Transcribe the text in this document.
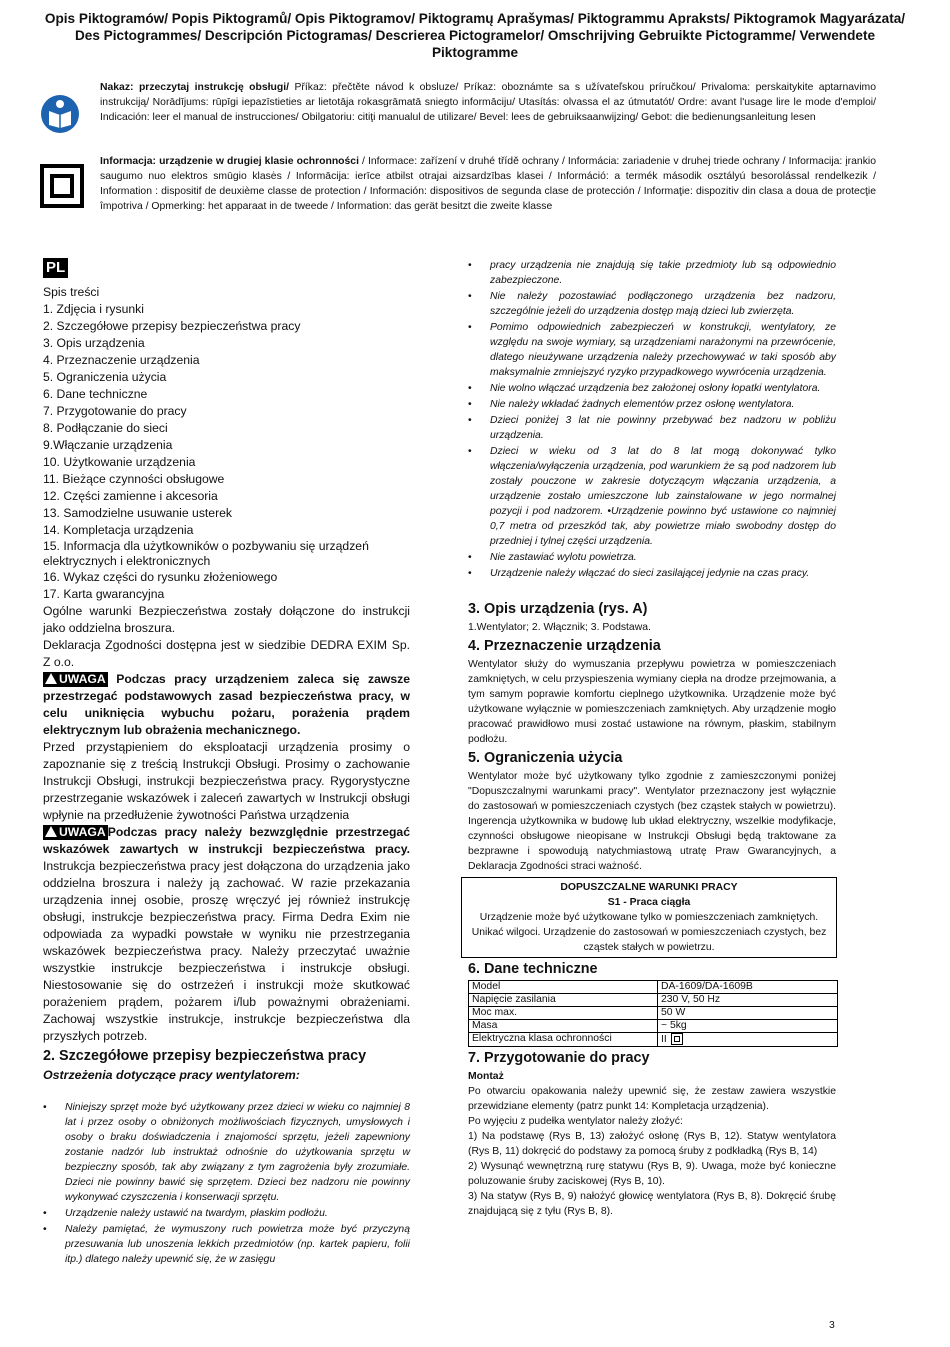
Opis Piktogramów/ Popis Piktogramů/ Opis Piktogramov/ Piktogramų Aprašymas/ Piktogrammu Apraksts/ Piktogramok Magyarázata/ Des Pictogrammes/ Descripción Pictogramas/ Descrierea Pictogramelor/ Omschrijving Gebruikte Pictogramme/ Verwendete Piktogramme
Nakaz: przeczytaj instrukcję obsługi/ Příkaz: přečtěte návod k obsluze/ Príkaz: oboznámte sa s užívateľskou príručkou/ Privaloma: perskaitykite aptarnavimo instrukciją/ Norādījums: rūpīgi iepazīstieties ar lietotāja rokasgrāmatā sniegto informāciju/ Utasítás: olvassa el az útmutatót/ Ordre: avant l'usage lire le mode d'emploi/ Indicación: leer el manual de instrucciones/ Obilgatoriu: citiţi manualul de utilizare/ Bevel: lees de gebruiksaanwijzing/ Gebot: die bedienungsanleitung lesen
Informacja: urządzenie w drugiej klasie ochronności / Informace: zařízení v druhé třídě ochrany / Informácia: zariadenie v druhej triede ochrany / Informacija: įrankio saugumo nuo elektros smūgio klasės / Informācija: ierīce atbilst otrajai aizsardzības klasei / Információ: a termék második osztályú besorolással rendelkezik / Information : dispositif de deuxième classe de protection / Información: dispositivos de segunda clase de protección / Informaţie: dispozitiv din clasa a doua de protecţie împotriva / Opmerking: het apparaat in de tweede / Information: das gerät besitzt die zweite klasse
PL
Spis treści
1. Zdjęcia i rysunki
2. Szczegółowe przepisy bezpieczeństwa pracy
3. Opis urządzenia
4. Przeznaczenie urządzenia
5. Ograniczenia użycia
6. Dane techniczne
7. Przygotowanie do pracy
8. Podłączanie do sieci
9.Włączanie urządzenia
10. Użytkowanie urządzenia
11. Bieżące czynności obsługowe
12. Części zamienne i akcesoria
13. Samodzielne usuwanie usterek
14. Kompletacja urządzenia
15. Informacja dla użytkowników o pozbywaniu się urządzeń elektrycznych i elektronicznych
16. Wykaz części do rysunku złożeniowego
17. Karta gwarancyjna

Ogólne warunki Bezpieczeństwa zostały dołączone do instrukcji jako oddzielna broszura.

Deklaracja Zgodności dostępna jest w siedzibie DEDRA EXIM Sp. Z o.o.

UWAGA Podczas pracy urządzeniem zaleca się zawsze przestrzegać podstawowych zasad bezpieczeństwa pracy, w celu uniknięcia wybuchu pożaru, porażenia prądem elektrycznym lub obrażenia mechanicznego.

Przed przystąpieniem do eksploatacji urządzenia prosimy o zapoznanie się z treścią Instrukcji Obsługi. Prosimy o zachowanie Instrukcji Obsługi, instrukcji bezpieczeństwa pracy. Rygorystyczne przestrzeganie wskazówek i zaleceń zawartych w Instrukcji obsługi wpłynie na przedłużenie żywotności Państwa urządzenia

UWAGA Podczas pracy należy bezwzględnie przestrzegać wskazówek zawartych w instrukcji bezpieczeństwa pracy. Instrukcja bezpieczeństwa pracy jest dołączona do urządzenia jako oddzielna broszura i należy ją zachować. W razie przekazania urządzenia innej osobie, proszę wręczyć jej również instrukcję obsługi, instrukcje bezpieczeństwa pracy. Firma Dedra Exim nie odpowiada za wypadki powstałe w wyniku nie przestrzegania wskazówek bezpieczeństwa pracy. Należy przeczytać uważnie wszystkie instrukcje bezpieczeństwa i instrukcje obsługi. Niestosowanie się do ostrzeżeń i instrukcji może skutkować porażeniem prądem, pożarem i/lub poważnymi obrażeniami. Zachowaj wszystkie instrukcje, instrukcje bezpieczeństwa dla przyszłych potrzeb.

2. Szczegółowe przepisy bezpieczeństwa pracy
Ostrzeżenia dotyczące pracy wentylatorem:
• Niniejszy sprzęt może być użytkowany przez dzieci w wieku co najmniej 8 lat i przez osoby o obniżonych możliwościach fizycznych, umysłowych i osoby o braku doświadczenia i znajomości sprzętu, jeżeli zapewniony zostanie nadzór lub instruktaż odnośnie do użytkowania sprzętu w bezpieczny sposób, tak aby związany z tym zagrożenia były zrozumiałe. Dzieci nie powinny bawić się sprzętem. Dzieci bez nadzoru nie powinny wykonywać czyszczenia i konserwacji sprzętu.
• Urządzenie należy ustawić na twardym, płaskim podłożu.
• Należy pamiętać, że wymuszony ruch powietrza może być przyczyną przesuwania lub unoszenia lekkich przedmiotów (np. kartek papieru, folii itp.) dlatego należy upewnić się, że w zasięgu
• pracy urządzenia nie znajdują się takie przedmioty lub są odpowiednio zabezpieczone.
• Nie należy pozostawiać podłączonego urządzenia bez nadzoru, szczególnie jeżeli do urządzenia dostęp mają dzieci lub zwierzęta.
• Pomimo odpowiednich zabezpieczeń w konstrukcji, wentylatory, ze względu na swoje wymiary, są urządzeniami narażonymi na przewrócenie, dlatego nieużywane urządzenia należy przechowywać w taki sposób aby maksymalnie zmniejszyć ryzyko przypadkowego wywrócenia urządzenia.
• Nie wolno włączać urządzenia bez założonej osłony łopatki wentylatora.
• Nie należy wkładać żadnych elementów przez osłonę wentylatora.
• Dzieci poniżej 3 lat nie powinny przebywać bez nadzoru w pobliżu urządzenia.
• Dzieci w wieku od 3 lat do 8 lat mogą dokonywać tylko włączenia/wyłączenia urządzenia, pod warunkiem że są pod nadzorem lub zostały pouczone w zakresie dotyczącym włączania urządzenia, a urządzenie zostało umieszczone lub zainstalowane w jego normalnej pozycji i pod nadzorem. •Urządzenie powinno być ustawione co najmniej 0,7 metra od przeszkód tak, aby powietrze miało swobodny dostęp do przedniej i tylnej części urządzenia.
• Nie zastawiać wylotu powietrza.
• Urządzenie należy włączać do sieci zasilającej jedynie na czas pracy.
3. Opis urządzenia (rys. A)

1.Wentylator; 2. Włącznik; 3. Podstawa.

4. Przeznaczenie urządzenia

Wentylator służy do wymuszania przepływu powietrza w pomieszczeniach zamkniętych, w celu przyspieszenia wymiany ciepła na drodze przejmowania, a tym samym poprawie komfortu cieplnego użytkownika. Urządzenie może być użytkowane wyłącznie w pomieszczeniach zamkniętych. Aby urządzenie mogło pracować prawidłowo musi zostać ustawione na równym, płaskim, stabilnym podłożu.

5. Ograniczenia użycia

Wentylator może być użytkowany tylko zgodnie z zamieszczonymi poniżej "Dopuszczalnymi warunkami pracy". Wentylator przeznaczony jest wyłącznie do zastosowań w pomieszczeniach czystych (bez cząstek stałych w powietrzu). Ingerencja użytkownika w budowę lub układ elektryczny, wszelkie modyfikacje, czynności obsługowe nieopisane w Instrukcji Obsługi będą traktowane za bezprawne i spowodują natychmiastową utratę Praw Gwarancyjnych, a Deklaracja Zgodności straci ważność.

DOPUSZCZALNE WARUNKI PRACY
S1 - Praca ciągła
Urządzenie może być użytkowane tylko w pomieszczeniach zamkniętych. Unikać wilgoci. Urządzenie do zastosowań w pomieszczeniach czystych, bez cząstek stałych w powietrzu.
6. Dane techniczne
Model	DA-1609/DA-1609B
Napięcie zasilania	230 V, 50 Hz
Moc max.	50 W
Masa	~ 5kg
Elektryczna klasa ochronności	II
7. Przygotowanie do pracy
Montaż

Po otwarciu opakowania należy upewnić się, że zestaw zawiera wszystkie przewidziane elementy (patrz punkt 14: Kompletacja urządzenia).

Po wyjęciu z pudełka wentylator należy złożyć:

1) Na podstawę (Rys B, 13) założyć osłonę (Rys B, 12). Statyw wentylatora (Rys B, 11) dokręcić do podstawy za pomocą śruby z podkładką (Rys B, 14)

2) Wysunąć wewnętrzną rurę statywu (Rys B, 9). Uwaga, może być konieczne poluzowanie śruby zaciskowej (Rys B, 10).

3) Na statyw (Rys B, 9) nałożyć głowicę wentylatora (Rys B, 8). Dokręcić śrubę znajdującą się z tyłu (Rys B, 8).

3
